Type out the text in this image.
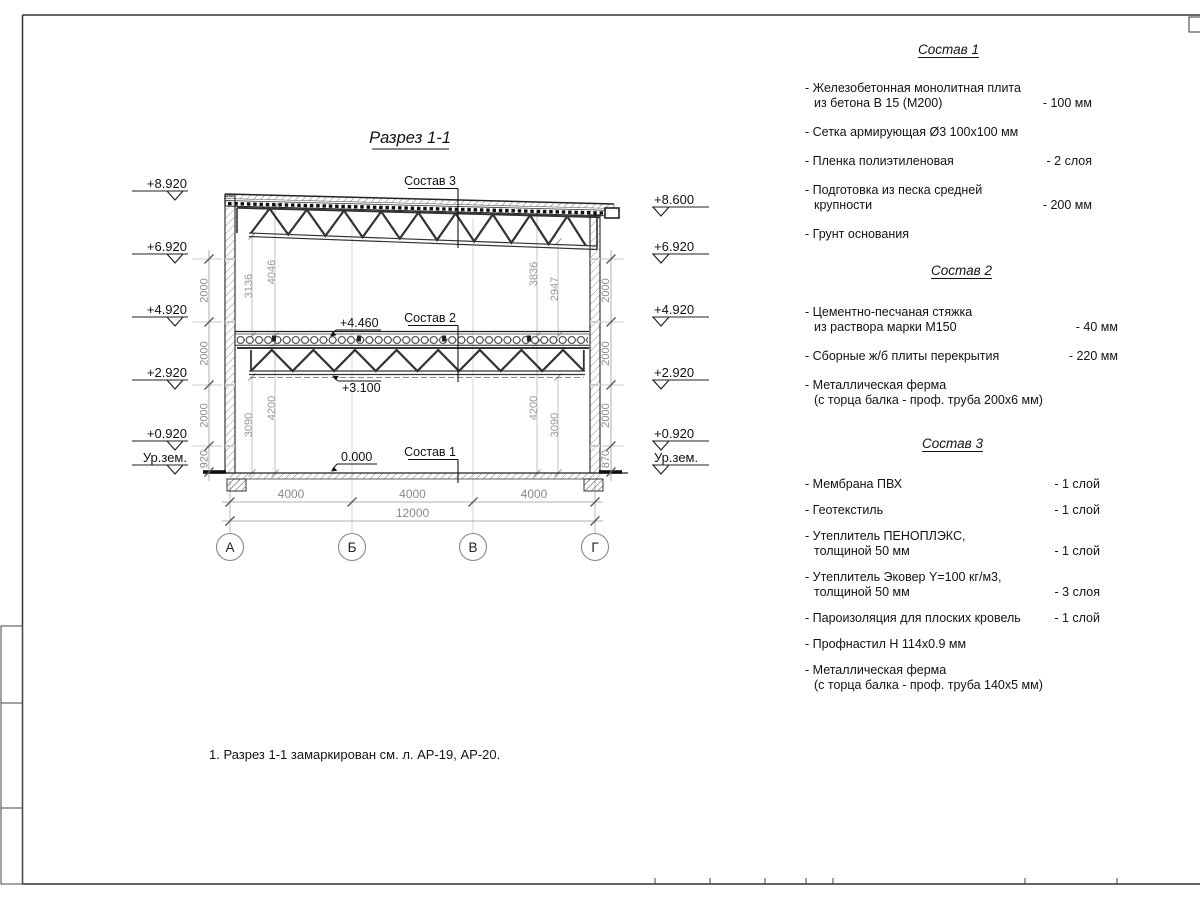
Разрез 1-1
3136
4046
3090
4200
3836
2947
4200
3090
Состав 3
Состав 2
Состав 1
+4.460
+3.100
0.000
+8.920
+6.920
+4.920
+2.920
+0.920
Ур.зем.
+8.600
+6.920
+4.920
+2.920
+0.920
Ур.зем.
2000
2000
2000
920
2000
2000
2000
870
4000	4000	4000
12000
А	Б	В	Г
Состав 1
- Железобетонная монолитная плита
из бетона В 15 (М200)	- 100 мм
- Сетка армирующая Ø3 100x100 мм
- Пленка полиэтиленовая	- 2 слоя
- Подготовка из песка средней
крупности	- 200 мм
- Грунт основания
Состав 2
- Цементно-песчаная стяжка
из раствора марки М150	- 40 мм
- Сборные ж/б плиты перекрытия	- 220 мм
- Металлическая ферма
(с торца балка - проф. труба 200х6 мм)
Состав 3
- Мембрана ПВХ	- 1 слой
- Геотекстиль	- 1 слой
- Утеплитель ПЕНОПЛЭКС,
толщиной 50 мм	- 1 слой
- Утеплитель Эковер Y=100 кг/м3,
толщиной 50 мм	- 3 слоя
- Пароизоляция для плоских кровель	- 1 слой
- Профнастил Н 114х0.9 мм
- Металлическая ферма
(с торца балка - проф. труба 140х5 мм)
1. Разрез 1-1 замаркирован см. л. АР-19, АР-20.
